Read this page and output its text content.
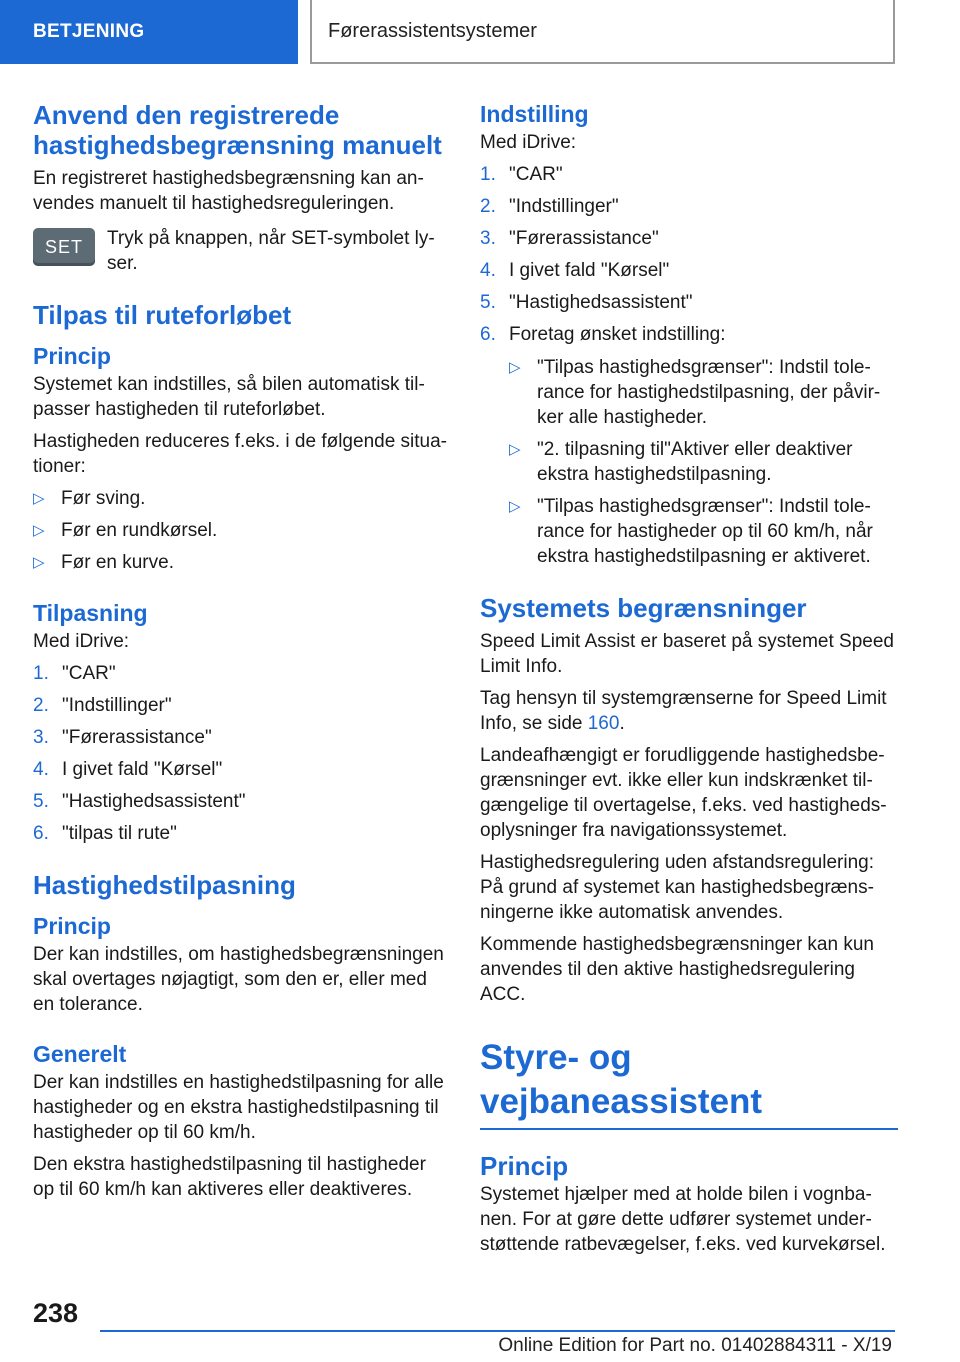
BETJENING	Førerassistentsystemer
Anvend den registrerede hastighedsbegrænsning manuelt

En registreret hastighedsbegrænsning kan an-vendes manuelt til hastighedsreguleringen.

SET	Tryk på knappen, når SET-symbolet ly-ser.

Tilpas til ruteforløbet
Princip

Systemet kan indstilles, så bilen automatisk til-passer hastigheden til ruteforløbet.

Hastigheden reduceres f.eks. i de følgende situa-tioner:

▷ Før sving.
▷ Før en rundkørsel.
▷ Før en kurve.
Tilpasning

Med iDrive:

1. "CAR"
2. "Indstillinger"
3. "Førerassistance"
4. I givet fald "Kørsel"
5. "Hastighedsassistent"
6. "tilpas til rute"
Hastighedstilpasning
Princip

Der kan indstilles, om hastighedsbegrænsningen skal overtages nøjagtigt, som den er, eller med en tolerance.

Generelt

Der kan indstilles en hastighedstilpasning for alle hastigheder og en ekstra hastighedstilpasning til hastigheder op til 60 km/h.

Den ekstra hastighedstilpasning til hastigheder op til 60 km/h kan aktiveres eller deaktiveres.

Indstilling

Med iDrive:

1. "CAR"
2. "Indstillinger"
3. "Førerassistance"
4. I givet fald "Kørsel"
5. "Hastighedsassistent"
6. Foretag ønsket indstilling:
▷ "Tilpas hastighedsgrænser": Indstil tole-rance for hastighedstilpasning, der påvir-ker alle hastigheder.
▷ "2. tilpasning til"Aktiver eller deaktiver ekstra hastighedstilpasning.
▷ "Tilpas hastighedsgrænser": Indstil tole-rance for hastigheder op til 60 km/h, når ekstra hastighedstilpasning er aktiveret.
Systemets begrænsninger

Speed Limit Assist er baseret på systemet Speed Limit Info.

Tag hensyn til systemgrænserne for Speed Limit Info, se side 160.

Landeafhængigt er forudliggende hastighedsbe-grænsninger evt. ikke eller kun indskrænket til-gængelige til overtagelse, f.eks. ved hastigheds-oplysninger fra navigationssystemet.

Hastighedsregulering uden afstandsregulering: På grund af systemet kan hastighedsbegræns-ningerne ikke automatisk anvendes.

Kommende hastighedsbegrænsninger kan kun anvendes til den aktive hastighedsregulering ACC.

Styre- og vejbaneassistent
Princip

Systemet hjælper med at holde bilen i vognba-nen. For at gøre dette udfører systemet under-støttende ratbevægelser, f.eks. ved kurvekørsel.

238
Online Edition for Part no. 01402884311 - X/19
